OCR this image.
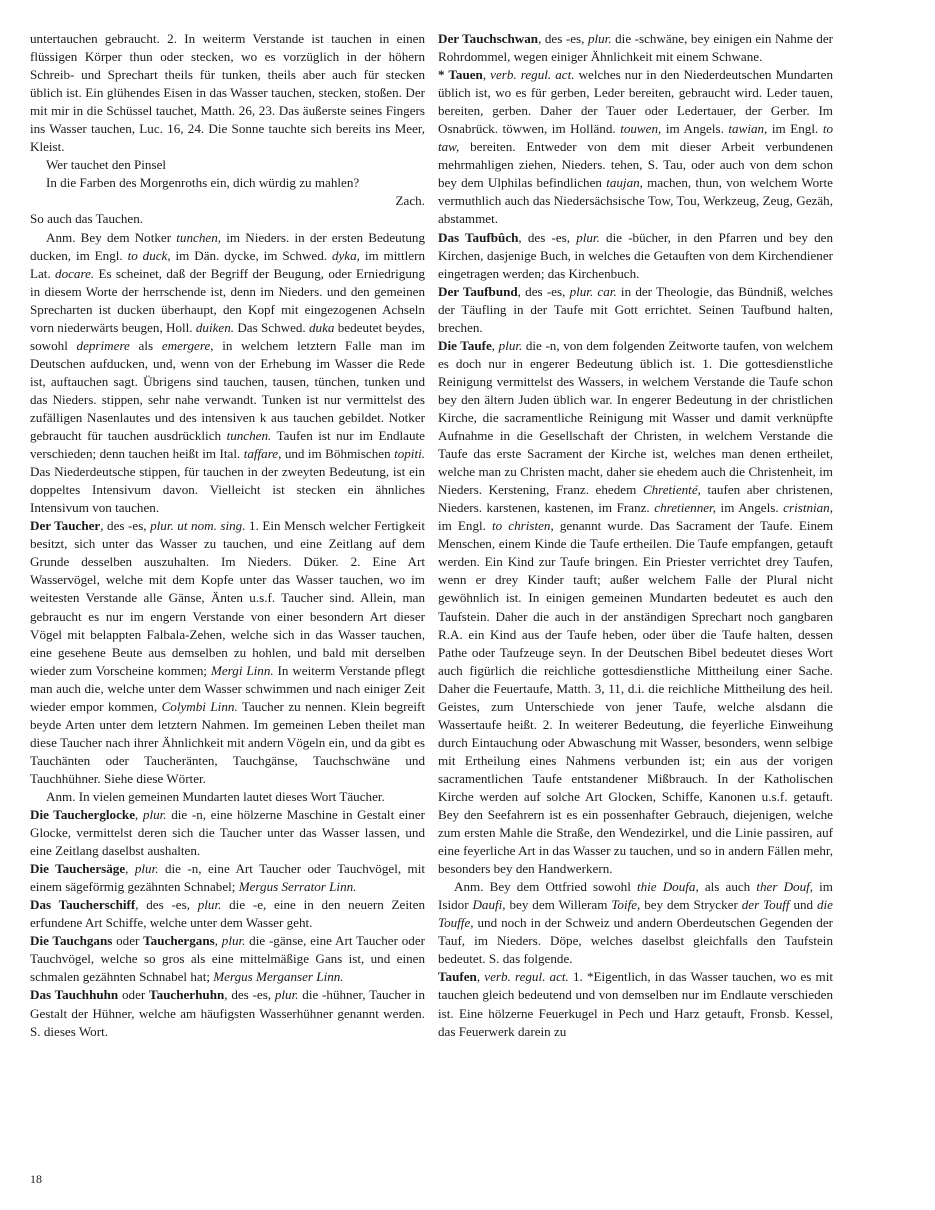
untertauchen gebraucht. 2. In weiterm Verstande ist tauchen in einen flüssigen Körper thun oder stecken, wo es vorzüglich in der höhern Schreib- und Sprechart theils für tunken, theils aber auch für stecken üblich ist. Ein glühendes Eisen in das Wasser tauchen, stecken, stoßen. Der mit mir in die Schüssel tauchet, Matth. 26, 23. Das äußerste seines Fingers ins Wasser tauchen, Luc. 16, 24. Die Sonne tauchte sich bereits ins Meer, Kleist.

Wer tauchet den Pinsel

In die Farben des Morgenroths ein, dich würdig zu mahlen?

Zach.

So auch das Tauchen.

Anm. Bey dem Notker tunchen, im Nieders. in der ersten Bedeutung ducken, im Engl. to duck, im Dän. dycke, im Schwed. dyka, im mittlern Lat. docare. Es scheinet, daß der Begriff der Beugung, oder Erniedrigung in diesem Worte der herrschende ist, denn im Nieders. und den gemeinen Sprecharten ist ducken überhaupt, den Kopf mit eingezogenen Achseln vorn niederwärts beugen, Holl. duiken. Das Schwed. duka bedeutet beydes, sowohl deprimere als emergere, in welchem letztern Falle man im Deutschen aufducken, und, wenn von der Erhebung im Wasser die Rede ist, auftauchen sagt. Übrigens sind tauchen, tausen, tünchen, tunken und das Nieders. stippen, sehr nahe verwandt. Tunken ist nur vermittelst des zufälligen Nasenlautes und des intensiven k aus tauchen gebildet. Notker gebraucht für tauchen ausdrücklich tunchen. Taufen ist nur im Endlaute verschieden; denn tauchen heißt im Ital. taffare, und im Böhmischen topiti. Das Niederdeutsche stippen, für tauchen in der zweyten Bedeutung, ist ein doppeltes Intensivum davon. Vielleicht ist stecken ein ähnliches Intensivum von tauchen.

Der Taucher, des -es, plur. ut nom. sing. 1. Ein Mensch welcher Fertigkeit besitzt, sich unter das Wasser zu tauchen, und eine Zeitlang auf dem Grunde desselben auszuhalten. Im Nieders. Düker. 2. Eine Art Wasservögel, welche mit dem Kopfe unter das Wasser tauchen, wo im weitesten Verstande alle Gänse, Änten u.s.f. Taucher sind. Allein, man gebraucht es nur im engern Verstande von einer besondern Art dieser Vögel mit belappten Falbala-Zehen, welche sich in das Wasser tauchen, eine gesehene Beute aus demselben zu hohlen, und bald mit derselben wieder zum Vorscheine kommen; Mergi Linn. In weiterm Verstande pflegt man auch die, welche unter dem Wasser schwimmen und nach einiger Zeit wieder empor kommen, Colymbi Linn. Taucher zu nennen. Klein begreift beyde Arten unter dem letztern Nahmen. Im gemeinen Leben theilet man diese Taucher nach ihrer Ähnlichkeit mit andern Vögeln ein, und da gibt es Tauchänten oder Taucheränten, Tauchgänse, Tauchschwäne und Tauchhühner. Siehe diese Wörter.

Anm. In vielen gemeinen Mundarten lautet dieses Wort Täucher.

Die Taucherglocke, plur. die -n, eine hölzerne Maschine in Gestalt einer Glocke, vermittelst deren sich die Taucher unter das Wasser lassen, und eine Zeitlang daselbst aushalten.

Die Tauchersäge, plur. die -n, eine Art Taucher oder Tauchvögel, mit einem sägeförmig gezähnten Schnabel; Mergus Serrator Linn.

Das Taucherschiff, des -es, plur. die -e, eine in den neuern Zeiten erfundene Art Schiffe, welche unter dem Wasser geht.

Die Tauchgans oder Tauchergans, plur. die -gänse, eine Art Taucher oder Tauchvögel, welche so gros als eine mittelmäßige Gans ist, und einen schmalen gezähnten Schnabel hat; Mergus Merganser Linn.

Das Tauchhuhn oder Taucherhuhn, des -es, plur. die -hühner, Taucher in Gestalt der Hühner, welche am häufigsten Wasserhühner genannt werden. S. dieses Wort.

Der Tauchschwan, des -es, plur. die -schwäne, bey einigen ein Nahme der Rohrdommel, wegen einiger Ähnlichkeit mit einem Schwane.

* Tauen, verb. regul. act. welches nur in den Niederdeutschen Mundarten üblich ist, wo es für gerben, Leder bereiten, gebraucht wird. Leder tauen, bereiten, gerben. Daher der Tauer oder Ledertauer, der Gerber. Im Osnabrück. töwwen, im Holländ. touwen, im Angels. tawian, im Engl. to taw, bereiten. Entweder von dem mit dieser Arbeit verbundenen mehrmahligen ziehen, Nieders. tehen, S. Tau, oder auch von dem schon bey dem Ulphilas befindlichen taujan, machen, thun, von welchem Worte vermuthlich auch das Niedersächsische Tow, Tou, Werkzeug, Zeug, Gezäh, abstammet.

Das Taufbûch, des -es, plur. die -bücher, in den Pfarren und bey den Kirchen, dasjenige Buch, in welches die Getauften von dem Kirchendiener eingetragen werden; das Kirchenbuch.

Der Taufbund, des -es, plur. car. in der Theologie, das Bündniß, welches der Täufling in der Taufe mit Gott errichtet. Seinen Taufbund halten, brechen.

Die Taufe, plur. die -n, von dem folgenden Zeitworte taufen, von welchem es doch nur in engerer Bedeutung üblich ist. 1. Die gottesdienstliche Reinigung vermittelst des Wassers, in welchem Verstande die Taufe schon bey den ältern Juden üblich war. In engerer Bedeutung in der christlichen Kirche, die sacramentliche Reinigung mit Wasser und damit verknüpfte Aufnahme in die Gesellschaft der Christen, in welchem Verstande die Taufe das erste Sacrament der Kirche ist, welches man denen ertheilet, welche man zu Christen macht, daher sie ehedem auch die Christenheit, im Nieders. Kerstening, Franz. ehedem Chretienté, taufen aber christenen, Nieders. karstenen, kastenen, im Franz. chretienner, im Angels. cristnian, im Engl. to christen, genannt wurde. Das Sacrament der Taufe. Einem Menschen, einem Kinde die Taufe ertheilen. Die Taufe empfangen, getauft werden. Ein Kind zur Taufe bringen. Ein Priester verrichtet drey Taufen, wenn er drey Kinder tauft; außer welchem Falle der Plural nicht gewöhnlich ist. In einigen gemeinen Mundarten bedeutet es auch den Taufstein. Daher die auch in der anständigen Sprechart noch gangbaren R.A. ein Kind aus der Taufe heben, oder über die Taufe halten, dessen Pathe oder Taufzeuge seyn. In der Deutschen Bibel bedeutet dieses Wort auch figürlich die reichliche gottesdienstliche Mittheilung einer Sache. Daher die Feuertaufe, Matth. 3, 11, d.i. die reichliche Mittheilung des heil. Geistes, zum Unterschiede von jener Taufe, welche alsdann die Wassertaufe heißt. 2. In weiterer Bedeutung, die feyerliche Einweihung durch Eintauchung oder Abwaschung mit Wasser, besonders, wenn selbige mit Ertheilung eines Nahmens verbunden ist; ein aus der vorigen sacramentlichen Taufe entstandener Mißbrauch. In der Katholischen Kirche werden auf solche Art Glocken, Schiffe, Kanonen u.s.f. getauft. Bey den Seefahrern ist es ein possenhafter Gebrauch, diejenigen, welche zum ersten Mahle die Straße, den Wendezirkel, und die Linie passiren, auf eine feyerliche Art in das Wasser zu tauchen, und so in andern Fällen mehr, besonders bey den Handwerkern.

Anm. Bey dem Ottfried sowohl thie Doufa, als auch ther Douf, im Isidor Daufi, bey dem Willeram Toife, bey dem Strycker der Touff und die Touffe, und noch in der Schweiz und andern Oberdeutschen Gegenden der Tauf, im Nieders. Döpe, welches daselbst gleichfalls den Taufstein bedeutet. S. das folgende.

Taufen, verb. regul. act. 1. *Eigentlich, in das Wasser tauchen, wo es mit tauchen gleich bedeutend und von demselben nur im Endlaute verschieden ist. Eine hölzerne Feuerkugel in Pech und Harz getauft, Fronsb. Kessel, das Feuerwerk darein zu

18
